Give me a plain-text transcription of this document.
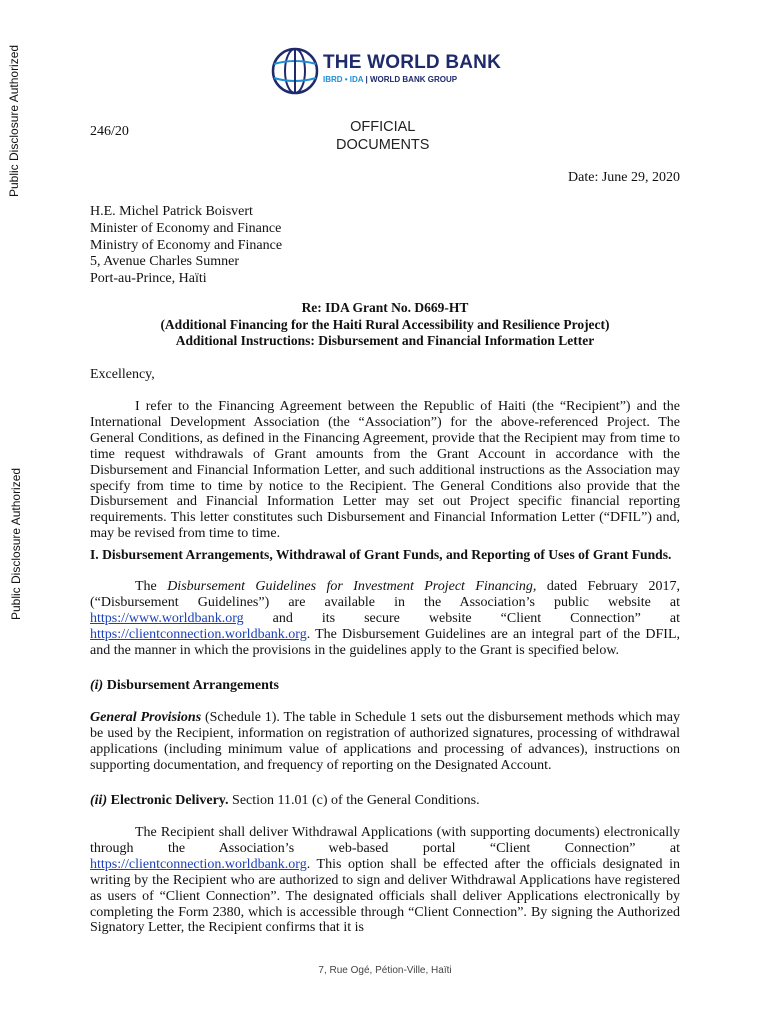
Public Disclosure Authorized
Public Disclosure Authorized
THE WORLD BANK
IBRD • IDA | WORLD BANK GROUP
246/20	OFFICIAL
DOCUMENTS
Date: June 29, 2020
H.E. Michel Patrick Boisvert
Minister of Economy and Finance
Ministry of Economy and Finance
5, Avenue Charles Sumner
Port-au-Prince, Haïti
Re: IDA Grant No. D669-HT
(Additional Financing for the Haiti Rural Accessibility and Resilience Project)
Additional Instructions: Disbursement and Financial Information Letter
Excellency,
I refer to the Financing Agreement between the Republic of Haiti (the “Recipient”) and the International Development Association (the “Association”) for the above-referenced Project. The General Conditions, as defined in the Financing Agreement, provide that the Recipient may from time to time request withdrawals of Grant amounts from the Grant Account in accordance with the Disbursement and Financial Information Letter, and such additional instructions as the Association may specify from time to time by notice to the Recipient. The General Conditions also provide that the Disbursement and Financial Information Letter may set out Project specific financial reporting requirements. This letter constitutes such Disbursement and Financial Information Letter (“DFIL”) and, may be revised from time to time.
I. Disbursement Arrangements, Withdrawal of Grant Funds, and Reporting of Uses of Grant Funds.
The Disbursement Guidelines for Investment Project Financing, dated February 2017, (“Disbursement Guidelines”) are available in the Association’s public website at https://www.worldbank.org and its secure website “Client Connection” at https://clientconnection.worldbank.org. The Disbursement Guidelines are an integral part of the DFIL, and the manner in which the provisions in the guidelines apply to the Grant is specified below.
(i) Disbursement Arrangements
General Provisions (Schedule 1). The table in Schedule 1 sets out the disbursement methods which may be used by the Recipient, information on registration of authorized signatures, processing of withdrawal applications (including minimum value of applications and processing of advances), instructions on supporting documentation, and frequency of reporting on the Designated Account.
(ii) Electronic Delivery. Section 11.01 (c) of the General Conditions.
The Recipient shall deliver Withdrawal Applications (with supporting documents) electronically through the Association’s web-based portal “Client Connection” at https://clientconnection.worldbank.org. This option shall be effected after the officials designated in writing by the Recipient who are authorized to sign and deliver Withdrawal Applications have registered as users of “Client Connection”. The designated officials shall deliver Applications electronically by completing the Form 2380, which is accessible through “Client Connection”. By signing the Authorized Signatory Letter, the Recipient confirms that it is
7, Rue Ogé, Pétion-Ville, Haïti
